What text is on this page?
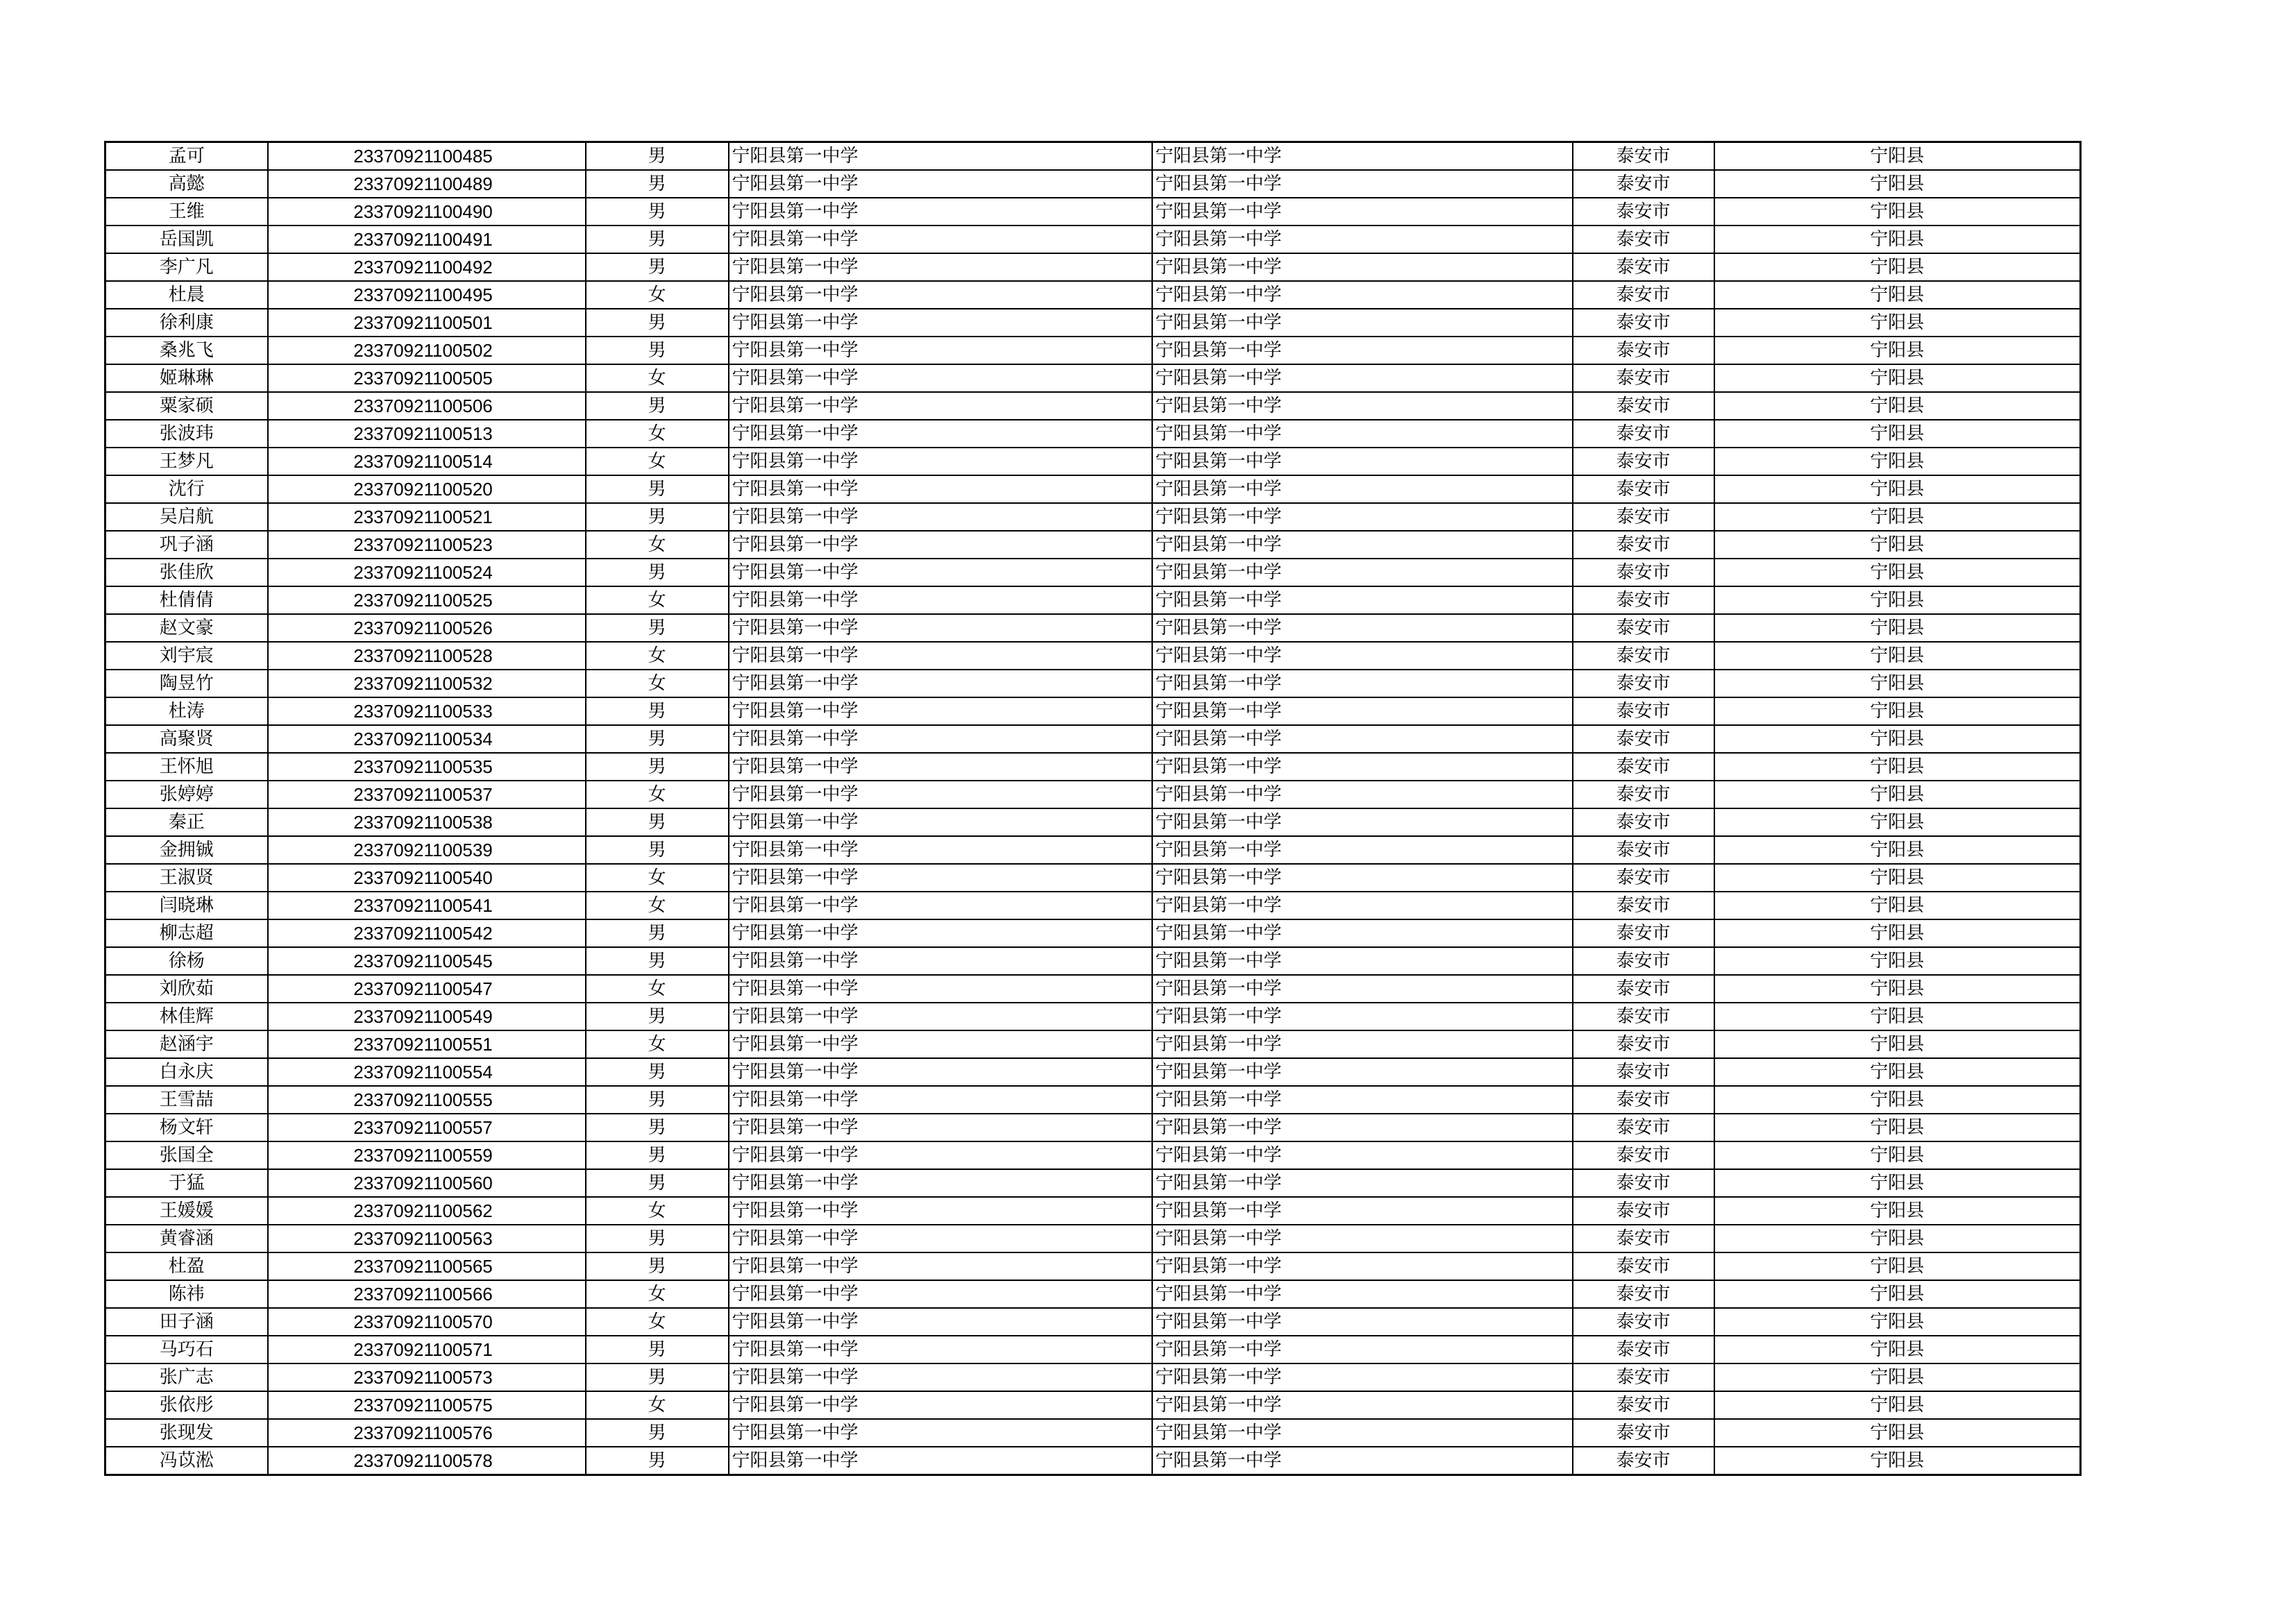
孟可	23370921100485	男	宁阳县第一中学	宁阳县第一中学	泰安市	宁阳县
高懿	23370921100489	男	宁阳县第一中学	宁阳县第一中学	泰安市	宁阳县
王维	23370921100490	男	宁阳县第一中学	宁阳县第一中学	泰安市	宁阳县
岳国凯	23370921100491	男	宁阳县第一中学	宁阳县第一中学	泰安市	宁阳县
李广凡	23370921100492	男	宁阳县第一中学	宁阳县第一中学	泰安市	宁阳县
杜晨	23370921100495	女	宁阳县第一中学	宁阳县第一中学	泰安市	宁阳县
徐利康	23370921100501	男	宁阳县第一中学	宁阳县第一中学	泰安市	宁阳县
桑兆飞	23370921100502	男	宁阳县第一中学	宁阳县第一中学	泰安市	宁阳县
姬琳琳	23370921100505	女	宁阳县第一中学	宁阳县第一中学	泰安市	宁阳县
粟家硕	23370921100506	男	宁阳县第一中学	宁阳县第一中学	泰安市	宁阳县
张波玮	23370921100513	女	宁阳县第一中学	宁阳县第一中学	泰安市	宁阳县
王梦凡	23370921100514	女	宁阳县第一中学	宁阳县第一中学	泰安市	宁阳县
沈行	23370921100520	男	宁阳县第一中学	宁阳县第一中学	泰安市	宁阳县
吴启航	23370921100521	男	宁阳县第一中学	宁阳县第一中学	泰安市	宁阳县
巩子涵	23370921100523	女	宁阳县第一中学	宁阳县第一中学	泰安市	宁阳县
张佳欣	23370921100524	男	宁阳县第一中学	宁阳县第一中学	泰安市	宁阳县
杜倩倩	23370921100525	女	宁阳县第一中学	宁阳县第一中学	泰安市	宁阳县
赵文豪	23370921100526	男	宁阳县第一中学	宁阳县第一中学	泰安市	宁阳县
刘宇宸	23370921100528	女	宁阳县第一中学	宁阳县第一中学	泰安市	宁阳县
陶昱竹	23370921100532	女	宁阳县第一中学	宁阳县第一中学	泰安市	宁阳县
杜涛	23370921100533	男	宁阳县第一中学	宁阳县第一中学	泰安市	宁阳县
高聚贤	23370921100534	男	宁阳县第一中学	宁阳县第一中学	泰安市	宁阳县
王怀旭	23370921100535	男	宁阳县第一中学	宁阳县第一中学	泰安市	宁阳县
张婷婷	23370921100537	女	宁阳县第一中学	宁阳县第一中学	泰安市	宁阳县
秦正	23370921100538	男	宁阳县第一中学	宁阳县第一中学	泰安市	宁阳县
金拥铖	23370921100539	男	宁阳县第一中学	宁阳县第一中学	泰安市	宁阳县
王淑贤	23370921100540	女	宁阳县第一中学	宁阳县第一中学	泰安市	宁阳县
闫晓琳	23370921100541	女	宁阳县第一中学	宁阳县第一中学	泰安市	宁阳县
柳志超	23370921100542	男	宁阳县第一中学	宁阳县第一中学	泰安市	宁阳县
徐杨	23370921100545	男	宁阳县第一中学	宁阳县第一中学	泰安市	宁阳县
刘欣茹	23370921100547	女	宁阳县第一中学	宁阳县第一中学	泰安市	宁阳县
林佳辉	23370921100549	男	宁阳县第一中学	宁阳县第一中学	泰安市	宁阳县
赵涵宇	23370921100551	女	宁阳县第一中学	宁阳县第一中学	泰安市	宁阳县
白永庆	23370921100554	男	宁阳县第一中学	宁阳县第一中学	泰安市	宁阳县
王雪喆	23370921100555	男	宁阳县第一中学	宁阳县第一中学	泰安市	宁阳县
杨文轩	23370921100557	男	宁阳县第一中学	宁阳县第一中学	泰安市	宁阳县
张国全	23370921100559	男	宁阳县第一中学	宁阳县第一中学	泰安市	宁阳县
于猛	23370921100560	男	宁阳县第一中学	宁阳县第一中学	泰安市	宁阳县
王媛媛	23370921100562	女	宁阳县第一中学	宁阳县第一中学	泰安市	宁阳县
黄睿涵	23370921100563	男	宁阳县第一中学	宁阳县第一中学	泰安市	宁阳县
杜盈	23370921100565	男	宁阳县第一中学	宁阳县第一中学	泰安市	宁阳县
陈祎	23370921100566	女	宁阳县第一中学	宁阳县第一中学	泰安市	宁阳县
田子涵	23370921100570	女	宁阳县第一中学	宁阳县第一中学	泰安市	宁阳县
马巧石	23370921100571	男	宁阳县第一中学	宁阳县第一中学	泰安市	宁阳县
张广志	23370921100573	男	宁阳县第一中学	宁阳县第一中学	泰安市	宁阳县
张依彤	23370921100575	女	宁阳县第一中学	宁阳县第一中学	泰安市	宁阳县
张现发	23370921100576	男	宁阳县第一中学	宁阳县第一中学	泰安市	宁阳县
冯苡淞	23370921100578	男	宁阳县第一中学	宁阳县第一中学	泰安市	宁阳县
